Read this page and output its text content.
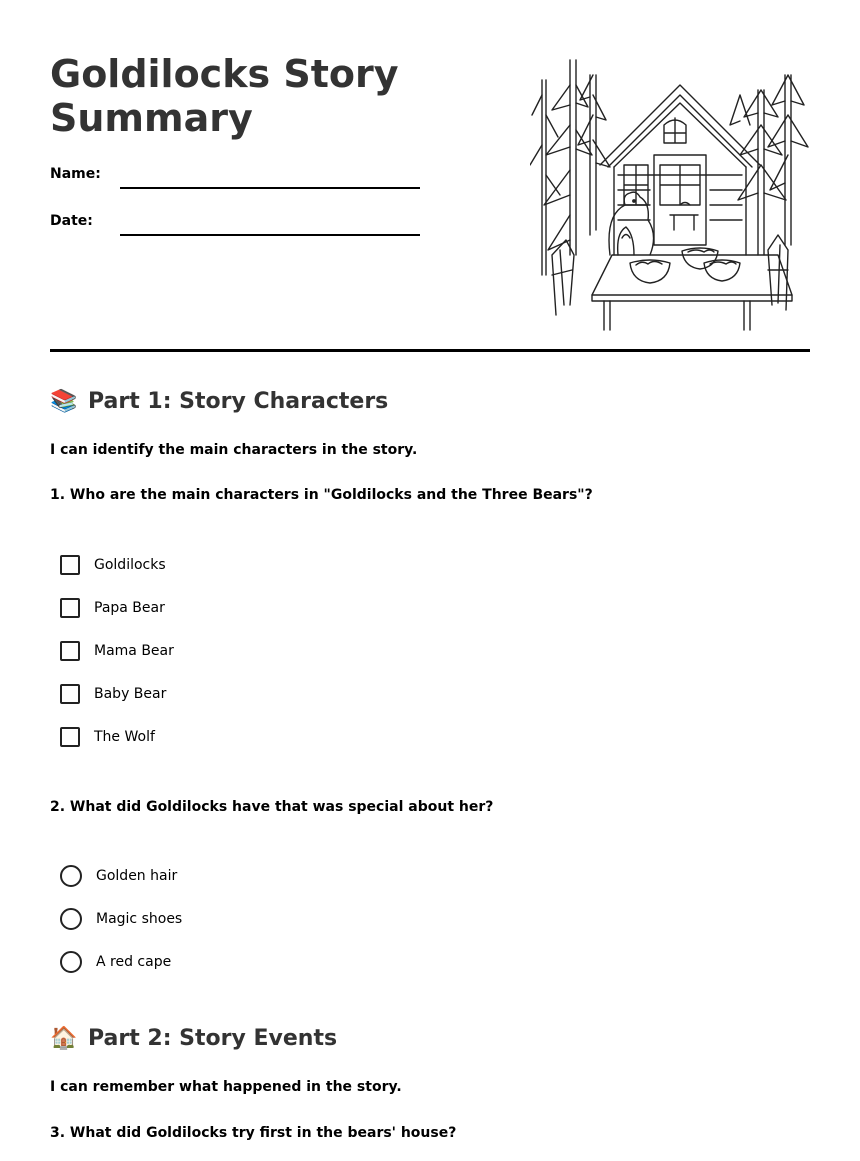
Goldilocks Story
Summary
Name:
Date:
📚 Part 1: Story Characters
I can identify the main characters in the story.
1. Who are the main characters in "Goldilocks and the Three Bears"?
Goldilocks
Papa Bear
Mama Bear
Baby Bear
The Wolf
2. What did Goldilocks have that was special about her?
Golden hair
Magic shoes
A red cape
🏠 Part 2: Story Events
I can remember what happened in the story.
3. What did Goldilocks try first in the bears' house?
